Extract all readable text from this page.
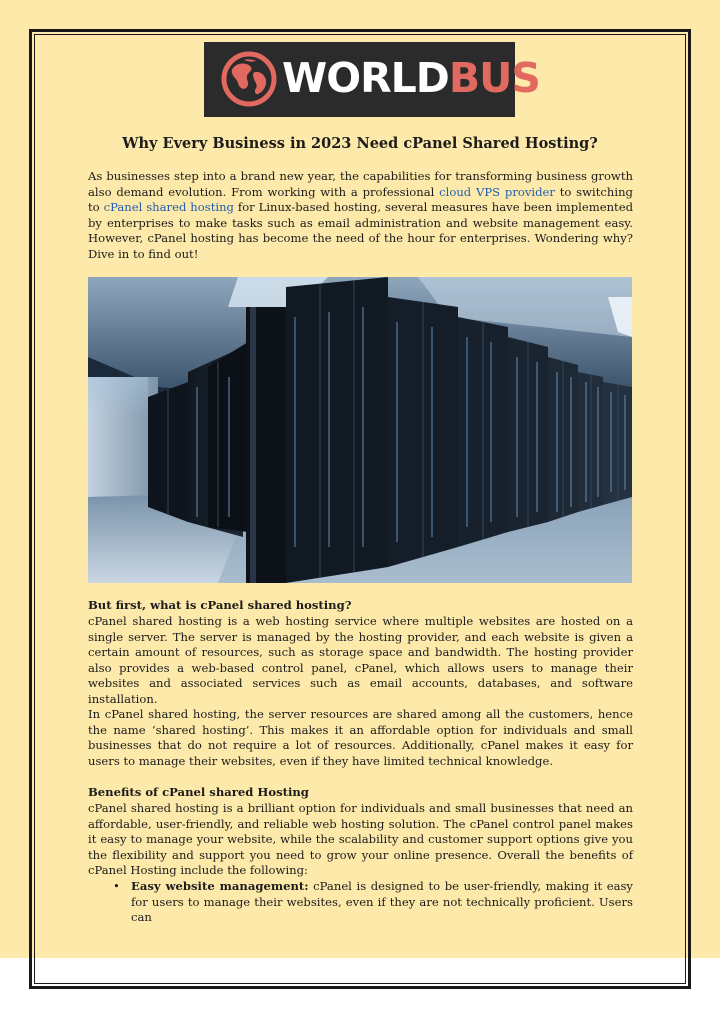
WORLDBUS
Why Every Business in 2023 Need cPanel Shared Hosting?
As businesses step into a brand new year, the capabilities for transforming business growth also demand evolution. From working with a professional cloud VPS provider to switching to cPanel shared hosting for Linux-based hosting, several measures have been implemented by enterprises to make tasks such as email administration and website management easy. However, cPanel hosting has become the need of the hour for enterprises. Wondering why? Dive in to find out!
But first, what is cPanel shared hosting?
cPanel shared hosting is a web hosting service where multiple websites are hosted on a single server. The server is managed by the hosting provider, and each website is given a certain amount of resources, such as storage space and bandwidth. The hosting provider also provides a web-based control panel, cPanel, which allows users to manage their websites and associated services such as email accounts, databases, and software installation.
In cPanel shared hosting, the server resources are shared among all the customers, hence the name ‘shared hosting’. This makes it an affordable option for individuals and small businesses that do not require a lot of resources. Additionally, cPanel makes it easy for users to manage their websites, even if they have limited technical knowledge.
Benefits of cPanel shared Hosting
cPanel shared hosting is a brilliant option for individuals and small businesses that need an affordable, user-friendly, and reliable web hosting solution. The cPanel control panel makes it easy to manage your website, while the scalability and customer support options give you the flexibility and support you need to grow your online presence. Overall the benefits of cPanel Hosting include the following:
• Easy website management: cPanel is designed to be user-friendly, making it easy for users to manage their websites, even if they are not technically proficient. Users can
